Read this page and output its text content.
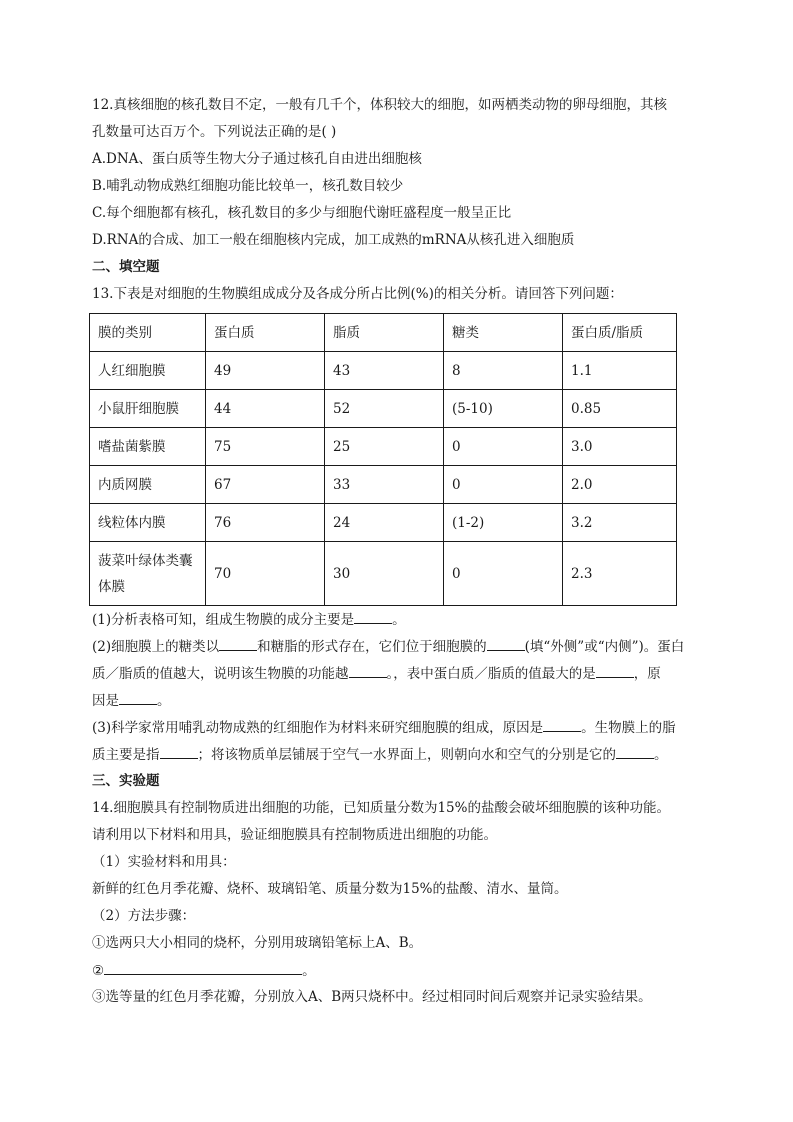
12.真核细胞的核孔数目不定，一般有几千个，体积较大的细胞，如两栖类动物的卵母细胞，其核
孔数量可达百万个。下列说法正确的是( )
A.DNA、蛋白质等生物大分子通过核孔自由进出细胞核
B.哺乳动物成熟红细胞功能比较单一，核孔数目较少
C.每个细胞都有核孔，核孔数目的多少与细胞代谢旺盛程度一般呈正比
D.RNA的合成、加工一般在细胞核内完成，加工成熟的mRNA从核孔进入细胞质
二、填空题
13.下表是对细胞的生物膜组成成分及各成分所占比例(%)的相关分析。请回答下列问题：
膜的类别	蛋白质	脂质	糖类	蛋白质/脂质
人红细胞膜	49	43	8	1.1
小鼠肝细胞膜	44	52	(5-10)	0.85
嗜盐菌紫膜	75	25	0	3.0
内质网膜	67	33	0	2.0
线粒体内膜	76	24	(1-2)	3.2

菠菜叶绿体类囊
体膜	70	30	0	2.3
(1)分析表格可知，组成生物膜的成分主要是	。
(2)细胞膜上的糖类以	和糖脂的形式存在，它们位于细胞膜的	(填“外侧”或“内侧”)。蛋白
质／脂质的值越大，说明该生物膜的功能越	。，表中蛋白质／脂质的值最大的是	，原
因是	。
(3)科学家常用哺乳动物成熟的红细胞作为材料来研究细胞膜的组成，原因是	。生物膜上的脂
质主要是指	；将该物质单层铺展于空气一水界面上，则朝向水和空气的分别是它的	。
三、实验题
14.细胞膜具有控制物质进出细胞的功能，已知质量分数为15%的盐酸会破坏细胞膜的该种功能。
请利用以下材料和用具，验证细胞膜具有控制物质进出细胞的功能。
（1）实验材料和用具：
新鲜的红色月季花瓣、烧杯、玻璃铅笔、质量分数为15%的盐酸、清水、量筒。
（2）方法步骤：
①选两只大小相同的烧杯，分别用玻璃铅笔标上A、B。
②	。
③选等量的红色月季花瓣，分别放入A、B两只烧杯中。经过相同时间后观察并记录实验结果。
